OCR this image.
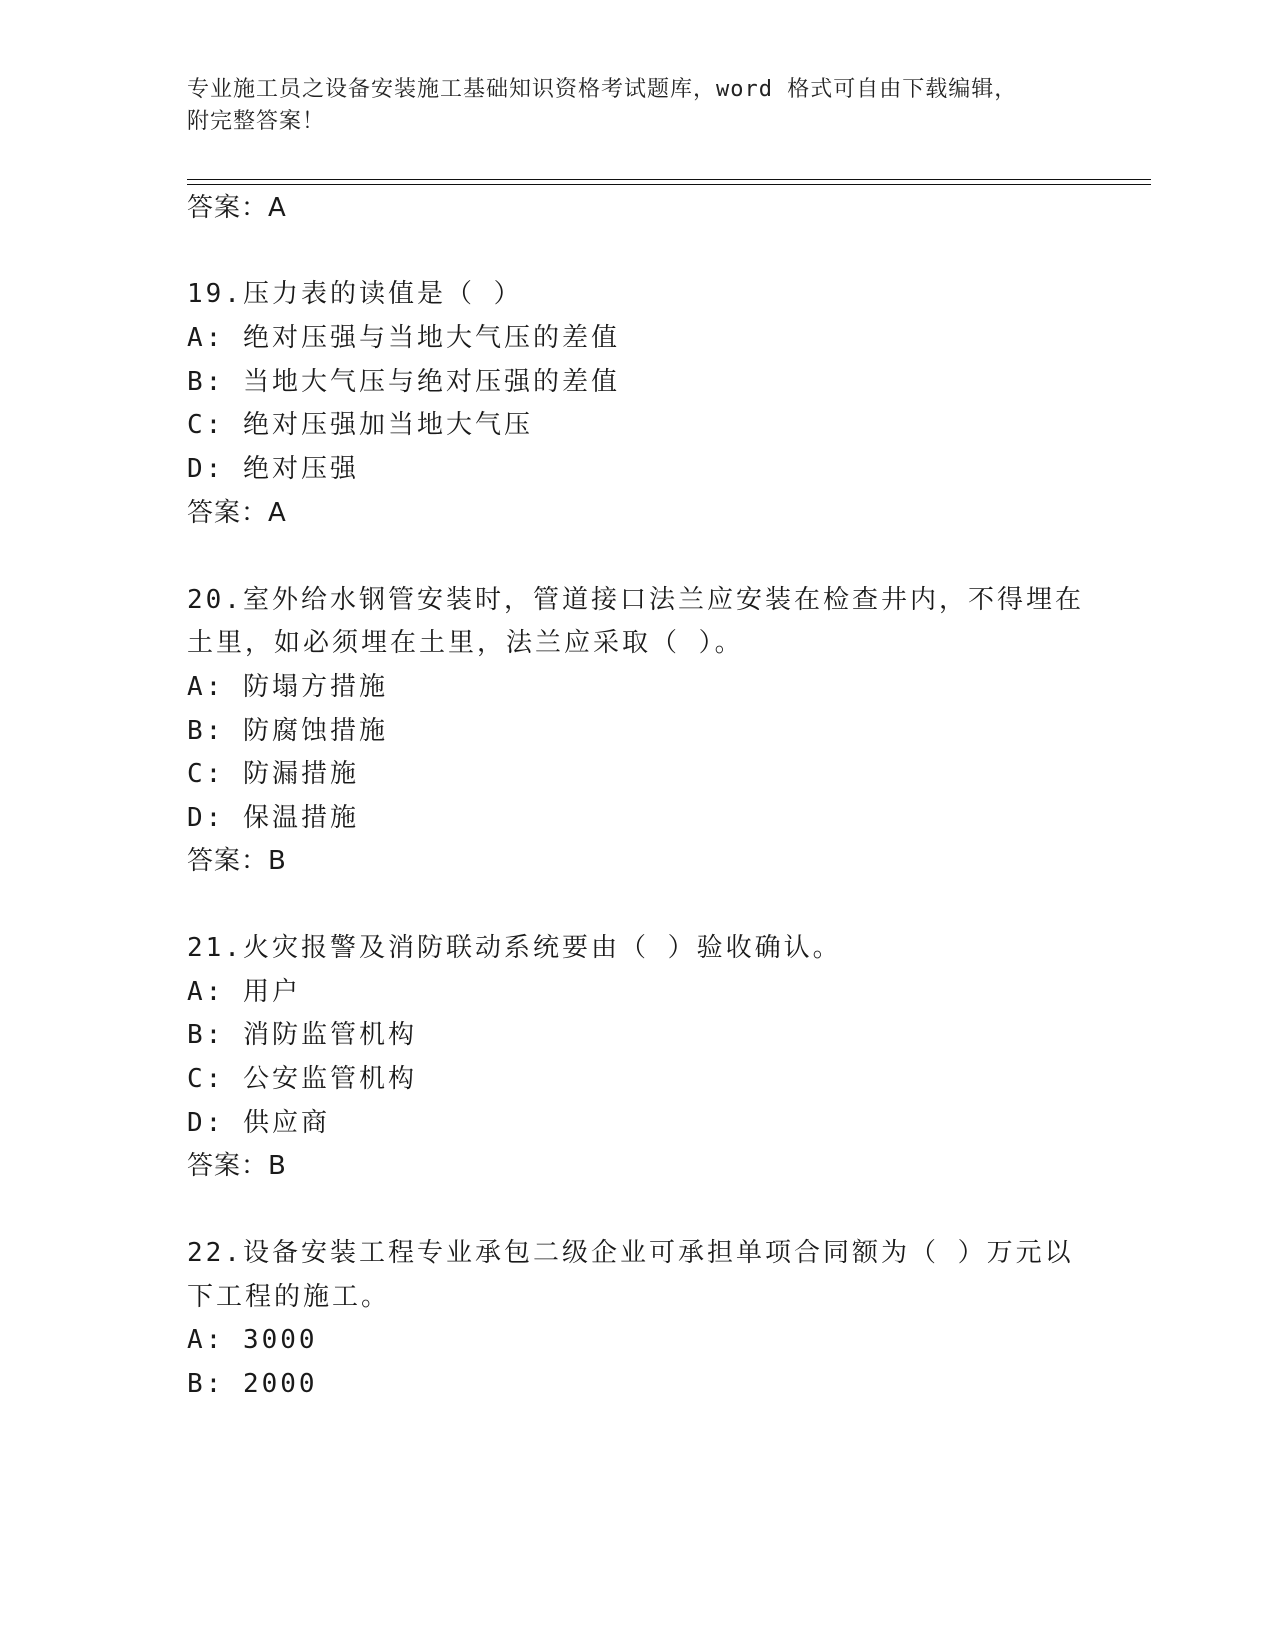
专业施工员之设备安装施工基础知识资格考试题库，word 格式可自由下载编辑，
附完整答案！
答案：A
19.压力表的读值是（ ）
A: 绝对压强与当地大气压的差值
B: 当地大气压与绝对压强的差值
C: 绝对压强加当地大气压
D: 绝对压强
答案：A
20.室外给水钢管安装时，管道接口法兰应安装在检查井内，不得埋在
土里，如必须埋在土里，法兰应采取（ ）。
A: 防塌方措施
B: 防腐蚀措施
C: 防漏措施
D: 保温措施
答案：B
21.火灾报警及消防联动系统要由（ ）验收确认。
A: 用户
B: 消防监管机构
C: 公安监管机构
D: 供应商
答案：B
22.设备安装工程专业承包二级企业可承担单项合同额为（ ）万元以
下工程的施工。
A: 3000
B: 2000
